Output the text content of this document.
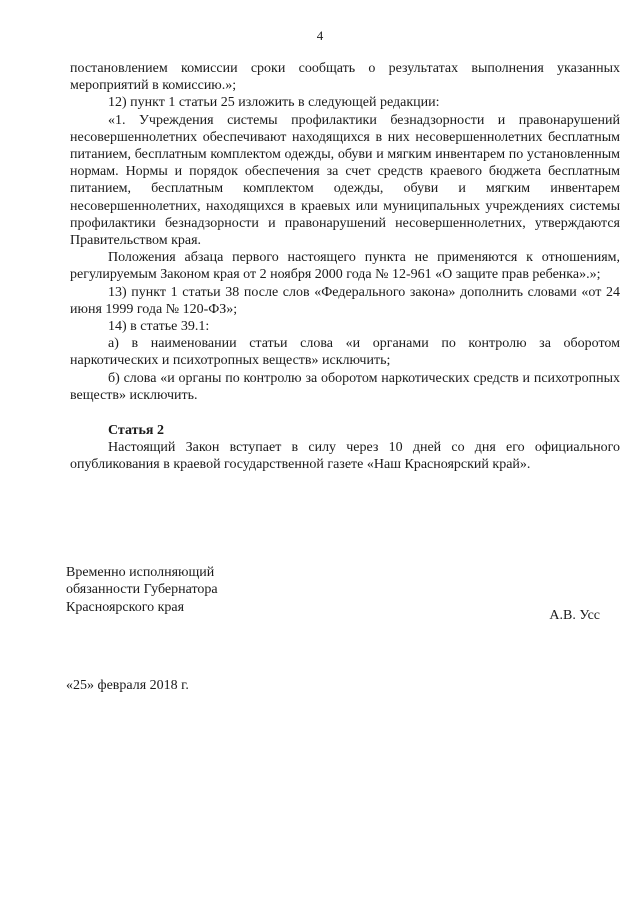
4

постановлением комиссии сроки сообщать о результатах выполнения указанных мероприятий в комиссию.»;

12) пункт 1 статьи 25 изложить в следующей редакции:

«1. Учреждения системы профилактики безнадзорности и правонарушений несовершеннолетних обеспечивают находящихся в них несовершеннолетних бесплатным питанием, бесплатным комплектом одежды, обуви и мягким инвентарем по установленным нормам. Нормы и порядок обеспечения за счет средств краевого бюджета бесплатным питанием, бесплатным комплектом одежды, обуви и мягким инвентарем несовершеннолетних, находящихся в краевых или муниципальных учреждениях системы профилактики безнадзорности и правонарушений несовершеннолетних, утверждаются Правительством края.

Положения абзаца первого настоящего пункта не применяются к отношениям, регулируемым Законом края от 2 ноября 2000 года № 12-961 «О защите прав ребенка».»;

13) пункт 1 статьи 38 после слов «Федерального закона» дополнить словами «от 24 июня 1999 года № 120-ФЗ»;

14) в статье 39.1:

а) в наименовании статьи слова «и органами по контролю за оборотом наркотических и психотропных веществ» исключить;

б) слова «и органы по контролю за оборотом наркотических средств и психотропных веществ» исключить.

Статья 2

Настоящий Закон вступает в силу через 10 дней со дня его официального опубликования в краевой государственной газете «Наш Красноярский край».

Временно исполняющий
обязанности Губернатора
Красноярского края
А.В. Усс
«25» февраля 2018 г.
